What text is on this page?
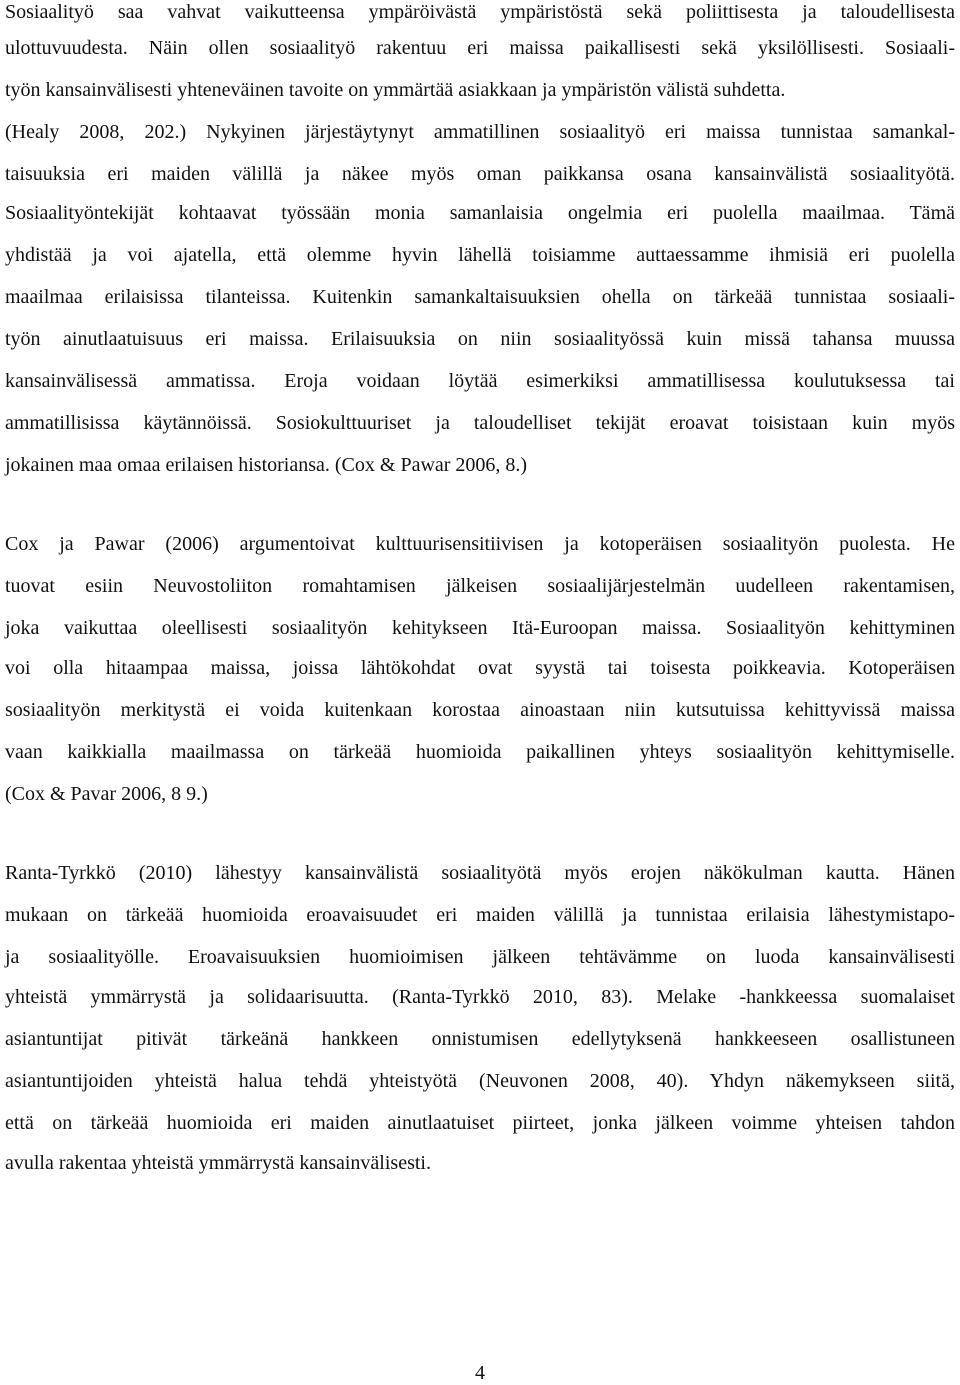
Sosiaalityö saa vahvat vaikutteensa ympäröivästä ympäristöstä sekä poliittisesta ja taloudellisesta
ulottuvuudesta. Näin ollen sosiaalityö rakentuu eri maissa paikallisesti sekä yksilöllisesti. Sosiaali-
työn kansainvälisesti yhteneväinen tavoite on ymmärtää asiakkaan ja ympäristön välistä suhdetta.
(Healy 2008, 202.) Nykyinen järjestäytynyt ammatillinen sosiaalityö eri maissa tunnistaa samankal-
taisuuksia eri maiden välillä ja näkee myös oman paikkansa osana kansainvälistä sosiaalityötä.
Sosiaalityöntekijät kohtaavat työssään monia samanlaisia ongelmia eri puolella maailmaa. Tämä
yhdistää ja voi ajatella, että olemme hyvin lähellä toisiamme auttaessamme ihmisiä eri puolella
maailmaa erilaisissa tilanteissa. Kuitenkin samankaltaisuuksien ohella on tärkeää tunnistaa sosiaali-
työn ainutlaatuisuus eri maissa. Erilaisuuksia on niin sosiaalityössä kuin missä tahansa muussa
kansainvälisessä ammatissa. Eroja voidaan löytää esimerkiksi ammatillisessa koulutuksessa tai
ammatillisissa käytännöissä. Sosiokulttuuriset ja taloudelliset tekijät eroavat toisistaan kuin myös
jokainen maa omaa erilaisen historiansa. (Cox & Pawar 2006, 8.)
Cox ja Pawar (2006) argumentoivat kulttuurisensitiivisen ja kotoperäisen sosiaalityön puolesta. He
tuovat esiin Neuvostoliiton romahtamisen jälkeisen sosiaalijärjestelmän uudelleen rakentamisen,
joka vaikuttaa oleellisesti sosiaalityön kehitykseen Itä-Euroopan maissa. Sosiaalityön kehittyminen
voi olla hitaampaa maissa, joissa lähtökohdat ovat syystä tai toisesta poikkeavia. Kotoperäisen
sosiaalityön merkitystä ei voida kuitenkaan korostaa ainoastaan niin kutsutuissa kehittyvissä maissa
vaan kaikkialla maailmassa on tärkeää huomioida paikallinen yhteys sosiaalityön kehittymiselle.
(Cox & Pavar 2006, 8 9.)
Ranta-Tyrkkö (2010) lähestyy kansainvälistä sosiaalityötä myös erojen näkökulman kautta. Hänen
mukaan on tärkeää huomioida eroavaisuudet eri maiden välillä ja tunnistaa erilaisia lähestymistapo-
ja sosiaalityölle. Eroavaisuuksien huomioimisen jälkeen tehtävämme on luoda kansainvälisesti
yhteistä ymmärrystä ja solidaarisuutta. (Ranta-Tyrkkö 2010, 83). Melake -hankkeessa suomalaiset
asiantuntijat pitivät tärkeänä hankkeen onnistumisen edellytyksenä hankkeeseen osallistuneen
asiantuntijoiden yhteistä halua tehdä yhteistyötä (Neuvonen 2008, 40). Yhdyn näkemykseen siitä,
että on tärkeää huomioida eri maiden ainutlaatuiset piirteet, jonka jälkeen voimme yhteisen tahdon
avulla rakentaa yhteistä ymmärrystä kansainvälisesti.
4
